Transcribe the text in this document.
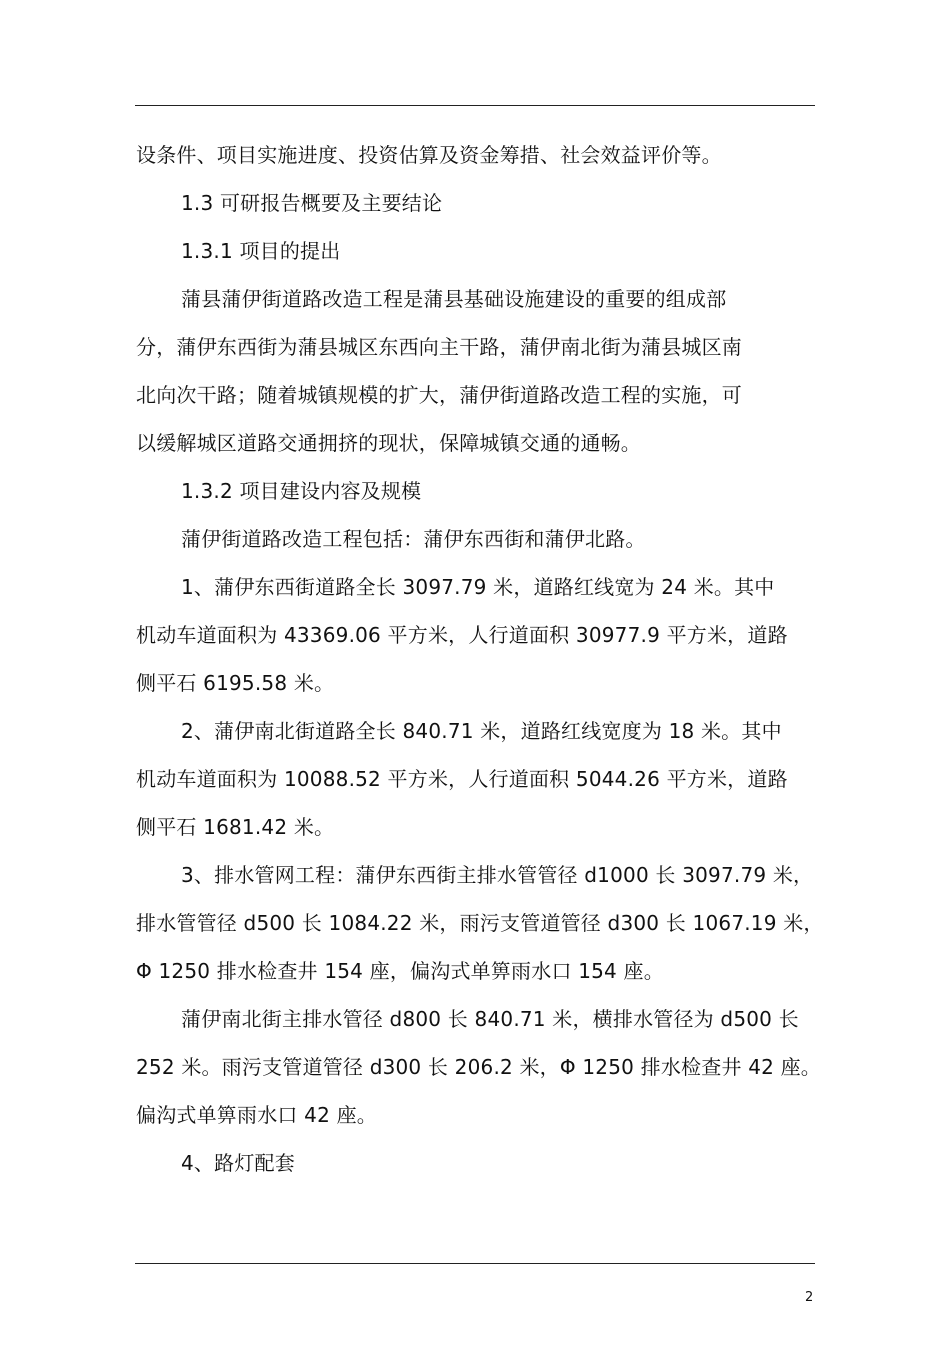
设条件、项目实施进度、投资估算及资金筹措、社会效益评价等。
1.3 可研报告概要及主要结论
1.3.1 项目的提出
蒲县蒲伊街道路改造工程是蒲县基础设施建设的重要的组成部
分，蒲伊东西街为蒲县城区东西向主干路，蒲伊南北街为蒲县城区南
北向次干路；随着城镇规模的扩大，蒲伊街道路改造工程的实施，可
以缓解城区道路交通拥挤的现状，保障城镇交通的通畅。
1.3.2 项目建设内容及规模
蒲伊街道路改造工程包括：蒲伊东西街和蒲伊北路。
1、蒲伊东西街道路全长 3097.79 米，道路红线宽为 24 米。其中
机动车道面积为 43369.06 平方米，人行道面积 30977.9 平方米，道路
侧平石 6195.58 米。
2、蒲伊南北街道路全长 840.71 米，道路红线宽度为 18 米。其中
机动车道面积为 10088.52 平方米，人行道面积 5044.26 平方米，道路
侧平石 1681.42 米。
3、排水管网工程：蒲伊东西街主排水管管径 d1000 长 3097.79 米，
排水管管径 d500 长 1084.22 米，雨污支管道管径 d300 长 1067.19 米，
Φ 1250 排水检查井 154 座，偏沟式单箅雨水口 154 座。
蒲伊南北街主排水管径 d800 长 840.71 米，横排水管径为 d500 长
252 米。雨污支管道管径 d300 长 206.2 米，Φ 1250 排水检查井 42 座。
偏沟式单箅雨水口 42 座。
4、路灯配套
2
